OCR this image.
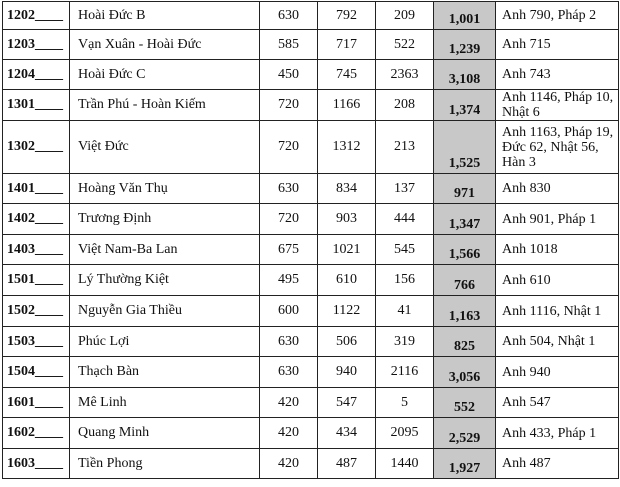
1202____	Hoài Đức B	630	792	209	1,001	Anh 790, Pháp 2
1203____	Vạn Xuân - Hoài Đức	585	717	522	1,239	Anh 715
1204____	Hoài Đức C	450	745	2363	3,108	Anh 743
1301____	Trần Phú - Hoàn Kiếm	720	1166	208	1,374	Anh 1146, Pháp 10, Nhật 6
1302____	Việt Đức	720	1312	213	1,525	Anh 1163, Pháp 19, Đức 62, Nhật 56, Hàn 3
1401____	Hoàng Văn Thụ	630	834	137	971	Anh 830
1402____	Trương Định	720	903	444	1,347	Anh 901, Pháp 1
1403____	Việt Nam-Ba Lan	675	1021	545	1,566	Anh 1018
1501____	Lý Thường Kiệt	495	610	156	766	Anh 610
1502____	Nguyễn Gia Thiều	600	1122	41	1,163	Anh 1116, Nhật 1
1503____	Phúc Lợi	630	506	319	825	Anh 504, Nhật 1
1504____	Thạch Bàn	630	940	2116	3,056	Anh 940
1601____	Mê Linh	420	547	5	552	Anh 547
1602____	Quang Minh	420	434	2095	2,529	Anh 433, Pháp 1
1603____	Tiền Phong	420	487	1440	1,927	Anh 487
